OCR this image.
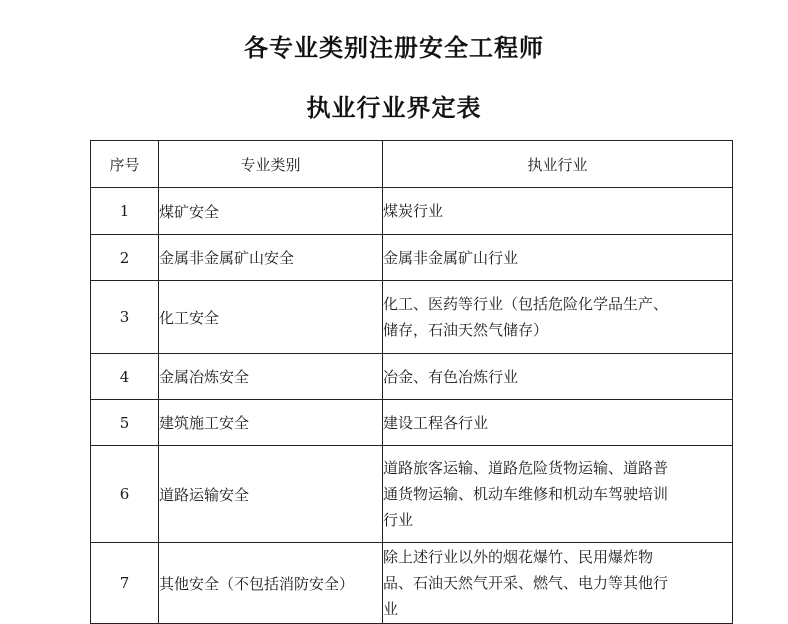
各专业类别注册安全工程师
执业行业界定表
序号	专业类别	执业行业
1	煤矿安全	煤炭行业

2	金属非金属矿山安全	金属非金属矿山行业

3	化工安全	化工、医药等行业（包括危险化学品生产、
储存，石油天然气储存）

4	金属冶炼安全	冶金、有色冶炼行业

5	建筑施工安全	建设工程各行业

6	道路运输安全	道路旅客运输、道路危险货物运输、道路普
通货物运输、机动车维修和机动车驾驶培训
行业

7	其他安全（不包括消防安全）	除上述行业以外的烟花爆竹、民用爆炸物
品、石油天然气开采、燃气、电力等其他行
业
